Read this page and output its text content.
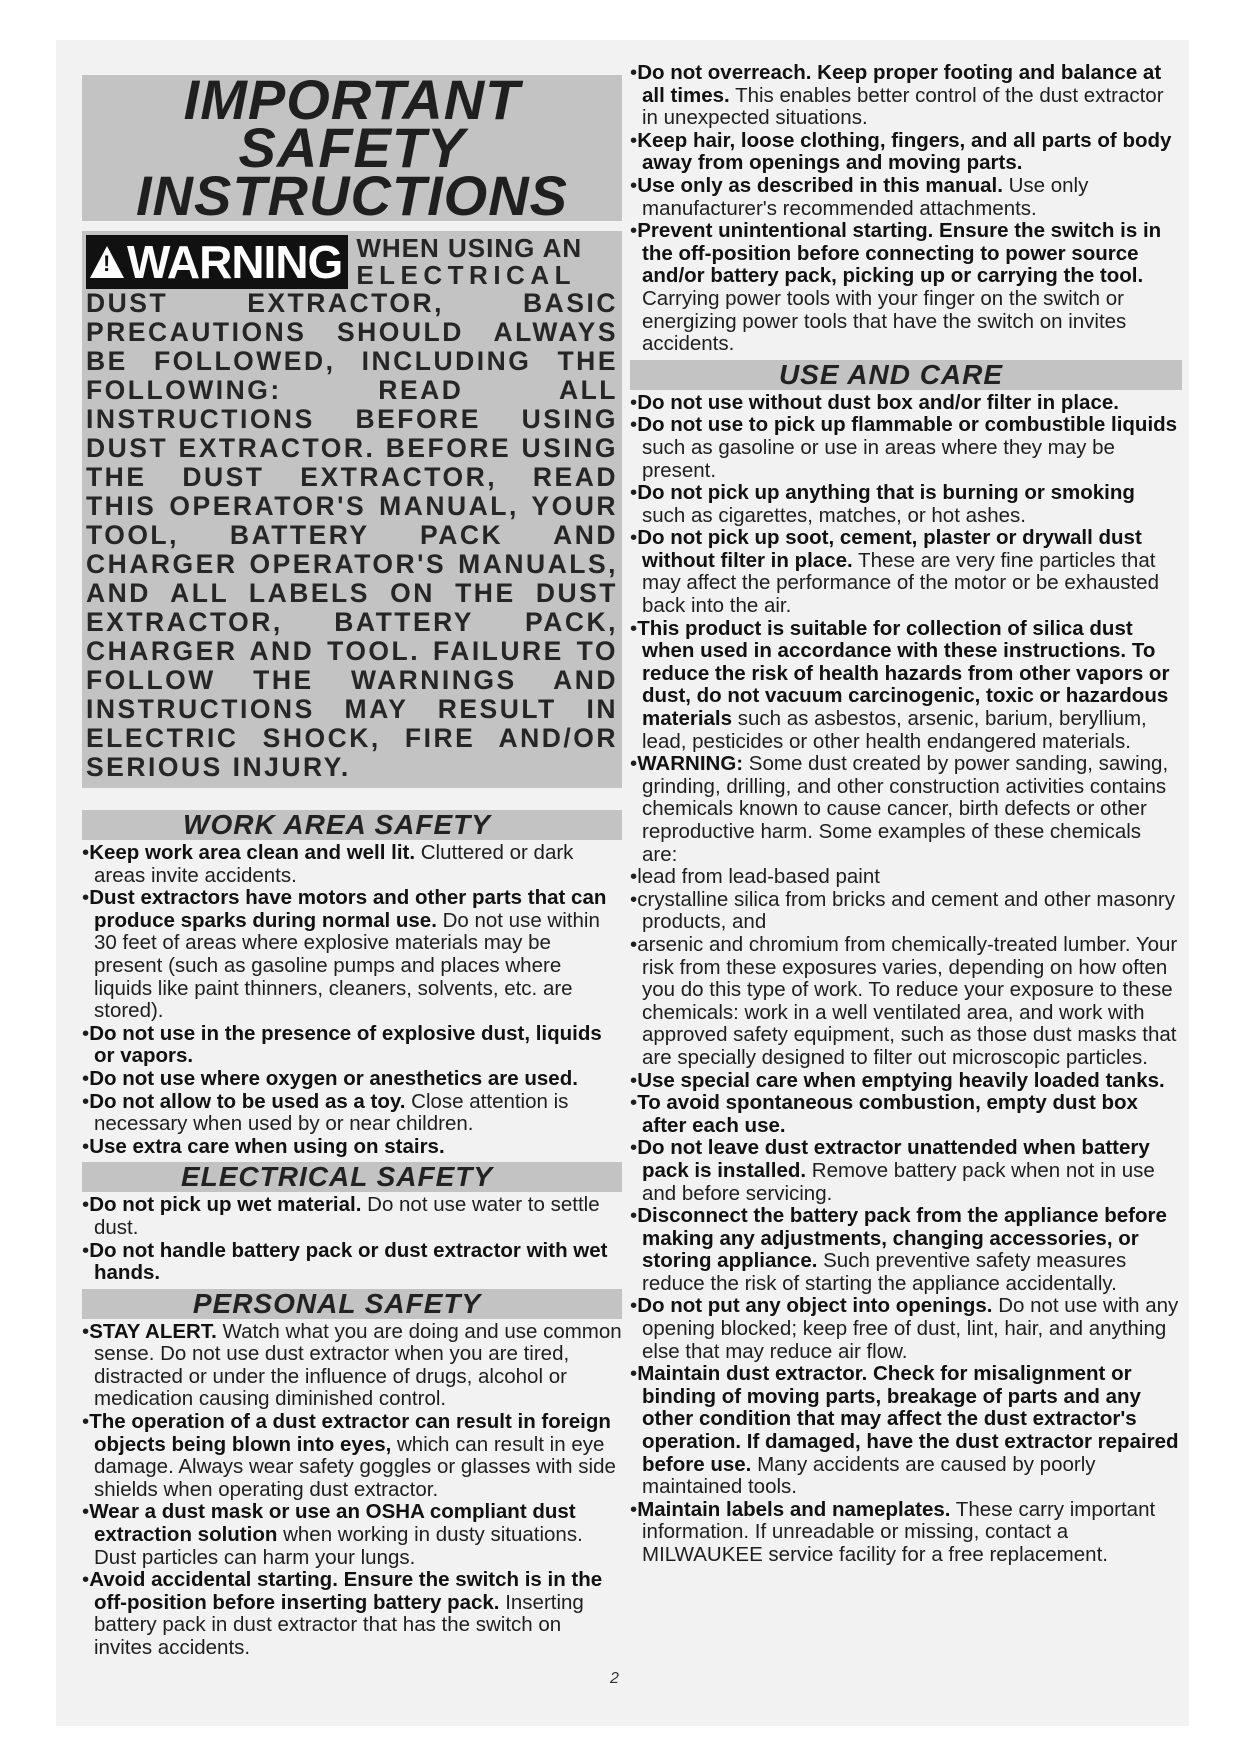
IMPORTANT
SAFETY
INSTRUCTIONS
! WARNING WHEN USING AN
ELECTRICAL
DUST EXTRACTOR, BASIC PRECAUTIONS SHOULD ALWAYS BE FOLLOWED, INCLUDING THE FOLLOWING: READ ALL INSTRUCTIONS BEFORE USING DUST EXTRACTOR. BEFORE USING THE DUST EXTRACTOR, READ THIS OPERATOR'S MANUAL, YOUR TOOL, BATTERY PACK AND CHARGER OPERATOR'S MANUALS, AND ALL LABELS ON THE DUST EXTRACTOR, BATTERY PACK, CHARGER AND TOOL. FAILURE TO FOLLOW THE WARNINGS AND INSTRUCTIONS MAY RESULT IN ELECTRIC SHOCK, FIRE AND/OR SERIOUS INJURY.
WORK AREA SAFETY

• Keep work area clean and well lit. Cluttered or dark areas invite accidents.

• Dust extractors have motors and other parts that can produce sparks during normal use. Do not use within 30 feet of areas where explosive materials may be present (such as gasoline pumps and places where liquids like paint thinners, cleaners, solvents, etc. are stored).

• Do not use in the presence of explosive dust, liquids or vapors.

• Do not use where oxygen or anesthetics are used.

• Do not allow to be used as a toy. Close attention is necessary when used by or near children.

• Use extra care when using on stairs.

ELECTRICAL SAFETY

• Do not pick up wet material. Do not use water to settle dust.

• Do not handle battery pack or dust extractor with wet hands.

PERSONAL SAFETY

• STAY ALERT. Watch what you are doing and use common sense. Do not use dust extractor when you are tired, distracted or under the influence of drugs, alcohol or medication causing diminished control.

• The operation of a dust extractor can result in foreign objects being blown into eyes, which can result in eye damage. Always wear safety goggles or glasses with side shields when operating dust extractor.

• Wear a dust mask or use an OSHA compliant dust extraction solution when working in dusty situations. Dust particles can harm your lungs.

• Avoid accidental starting. Ensure the switch is in the off-position before inserting battery pack. Inserting battery pack in dust extractor that has the switch on invites accidents.

• Do not overreach. Keep proper footing and balance at all times. This enables better control of the dust extractor in unexpected situations.

• Keep hair, loose clothing, fingers, and all parts of body away from openings and moving parts.

• Use only as described in this manual. Use only manufacturer's recommended attachments.

• Prevent unintentional starting. Ensure the switch is in the off-position before connecting to power source and/or battery pack, picking up or carrying the tool. Carrying power tools with your finger on the switch or energizing power tools that have the switch on invites accidents.

USE AND CARE

• Do not use without dust box and/or filter in place.

• Do not use to pick up flammable or combustible liquids such as gasoline or use in areas where they may be present.

• Do not pick up anything that is burning or smoking such as cigarettes, matches, or hot ashes.

• Do not pick up soot, cement, plaster or drywall dust without filter in place. These are very fine particles that may affect the performance of the motor or be exhausted back into the air.

• This product is suitable for collection of silica dust when used in accordance with these instructions. To reduce the risk of health hazards from other vapors or dust, do not vacuum carcinogenic, toxic or hazardous materials such as asbestos, arsenic, barium, beryllium, lead, pesticides or other health endangered materials.

• WARNING: Some dust created by power sanding, sawing, grinding, drilling, and other construction activities contains chemicals known to cause cancer, birth defects or other reproductive harm. Some examples of these chemicals are:

• lead from lead-based paint

• crystalline silica from bricks and cement and other masonry products, and

• arsenic and chromium from chemically-treated lumber. Your risk from these exposures varies, depending on how often you do this type of work. To reduce your exposure to these chemicals: work in a well ventilated area, and work with approved safety equipment, such as those dust masks that are specially designed to filter out microscopic particles.

• Use special care when emptying heavily loaded tanks.

• To avoid spontaneous combustion, empty dust box after each use.

• Do not leave dust extractor unattended when battery pack is installed. Remove battery pack when not in use and before servicing.

• Disconnect the battery pack from the appliance before making any adjustments, changing accessories, or storing appliance. Such preventive safety measures reduce the risk of starting the appliance accidentally.

• Do not put any object into openings. Do not use with any opening blocked; keep free of dust, lint, hair, and anything else that may reduce air flow.

• Maintain dust extractor. Check for misalignment or binding of moving parts, breakage of parts and any other condition that may affect the dust extractor's operation. If damaged, have the dust extractor repaired before use. Many accidents are caused by poorly maintained tools.

• Maintain labels and nameplates. These carry important information. If unreadable or missing, contact a MILWAUKEE service facility for a free replacement.

2
